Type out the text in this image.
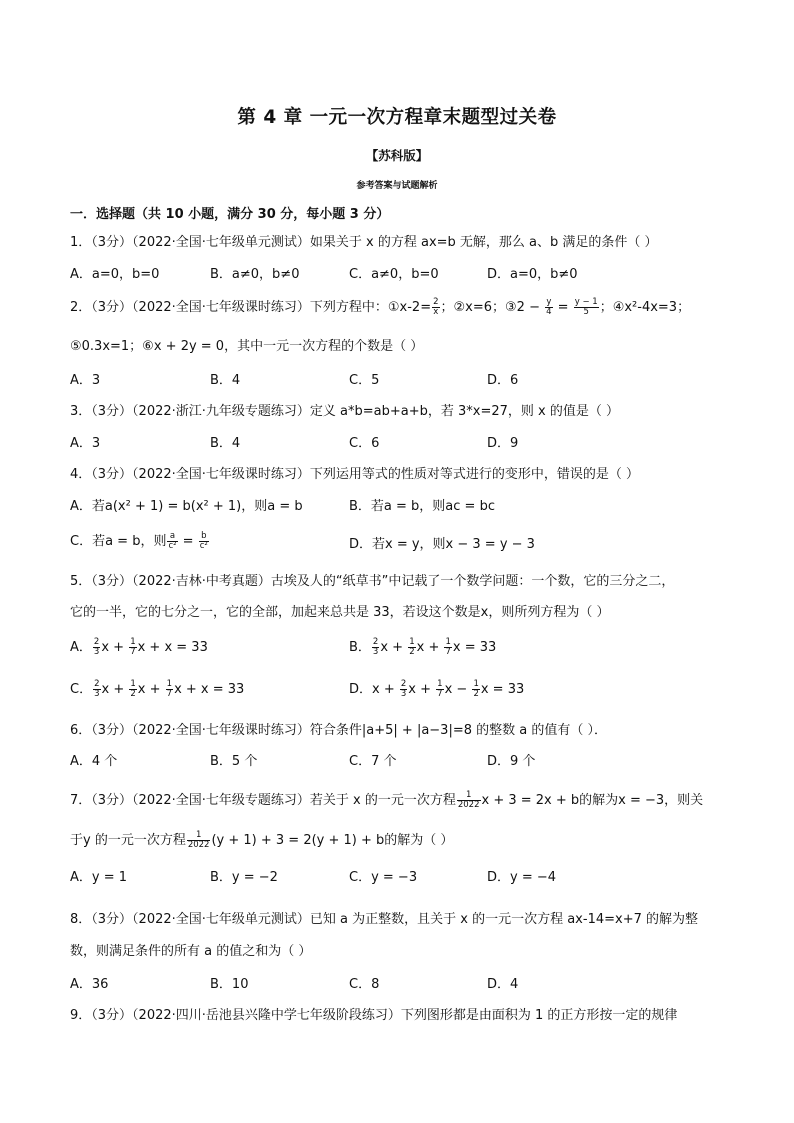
第 4 章 一元一次方程章末题型过关卷
【苏科版】
参考答案与试题解析
一．选择题（共 10 小题，满分 30 分，每小题 3 分）
1．（3分）（2022·全国·七年级单元测试）如果关于 x 的方程 ax=b 无解，那么 a、b 满足的条件（ ）
A．a=0，b=0	B．a≠0，b≠0	C．a≠0，b=0	D．a=0，b≠0
2．（3分）（2022·全国·七年级课时练习）下列方程中：①x-2= $\frac{2}{x}$ ；②x=6；③2 − $\frac{y}{4} = \frac{y - 1}{5}$ ；④x²-4x=3；
⑤0.3x=1；⑥x + 2y = 0，其中一元一次方程的个数是（ ）
A．3	B．4	C．5	D．6
3．（3分）（2022·浙江·九年级专题练习）定义 a*b=ab+a+b，若 3*x=27，则 x 的值是（ ）
A．3	B．4	C．6	D．9
4．（3分）（2022·全国·七年级课时练习）下列运用等式的性质对等式进行的变形中，错误的是（ ）
A．若a(x² + 1) = b(x² + 1)，则a = b	B．若a = b，则ac = bc
C．若a = b，则 $\frac{a}{\text{c²}} = \frac{b}{\text{c²}}$	D．若x = y，则x − 3 = y − 3
5．（3分）（2022·吉林·中考真题）古埃及人的“纸草书”中记载了一个数学问题：一个数，它的三分之二，
它的一半，它的七分之一，它的全部，加起来总共是 33，若设这个数是x，则所列方程为（ ）
A． $\frac{2}{3}$ $x + \frac{1}{7}$ x + x = 33	B． $\frac{2}{3}$ $x + \frac{1}{2}$ $x + \frac{1}{7}$ x = 33
C． $\frac{2}{3}$ $x + \frac{1}{2}$ $x + \frac{1}{7}$ x + x = 33	D．$x + \frac{2}{3}$ $x + \frac{1}{7}$ $x - \frac{1}{2}$ x = 33
6．（3分）（2022·全国·七年级课时练习）符合条件|a+5| + |a−3|=8 的整数 a 的值有（ ）．
A．4 个	B．5 个	C．7 个	D．9 个
7．（3分）（2022·全国·七年级专题练习）若关于 x 的一元一次方程 $\frac{1}{2022}$ x + 3 = 2x + b的解为x = −3，则关
于y 的一元一次方程 $\frac{1}{2022} (y + 1) + 3 = 2(y + 1) + b$的解为（ ）
A．y = 1	B．y = −2	C．y = −3	D．y = −4
8．（3分）（2022·全国·七年级单元测试）已知 a 为正整数，且关于 x 的一元一次方程 ax-14=x+7 的解为整
数，则满足条件的所有 a 的值之和为（ ）
A．36	B．10	C．8	D．4
9．（3分）（2022·四川·岳池县兴隆中学七年级阶段练习）下列图形都是由面积为 1 的正方形按一定的规律
